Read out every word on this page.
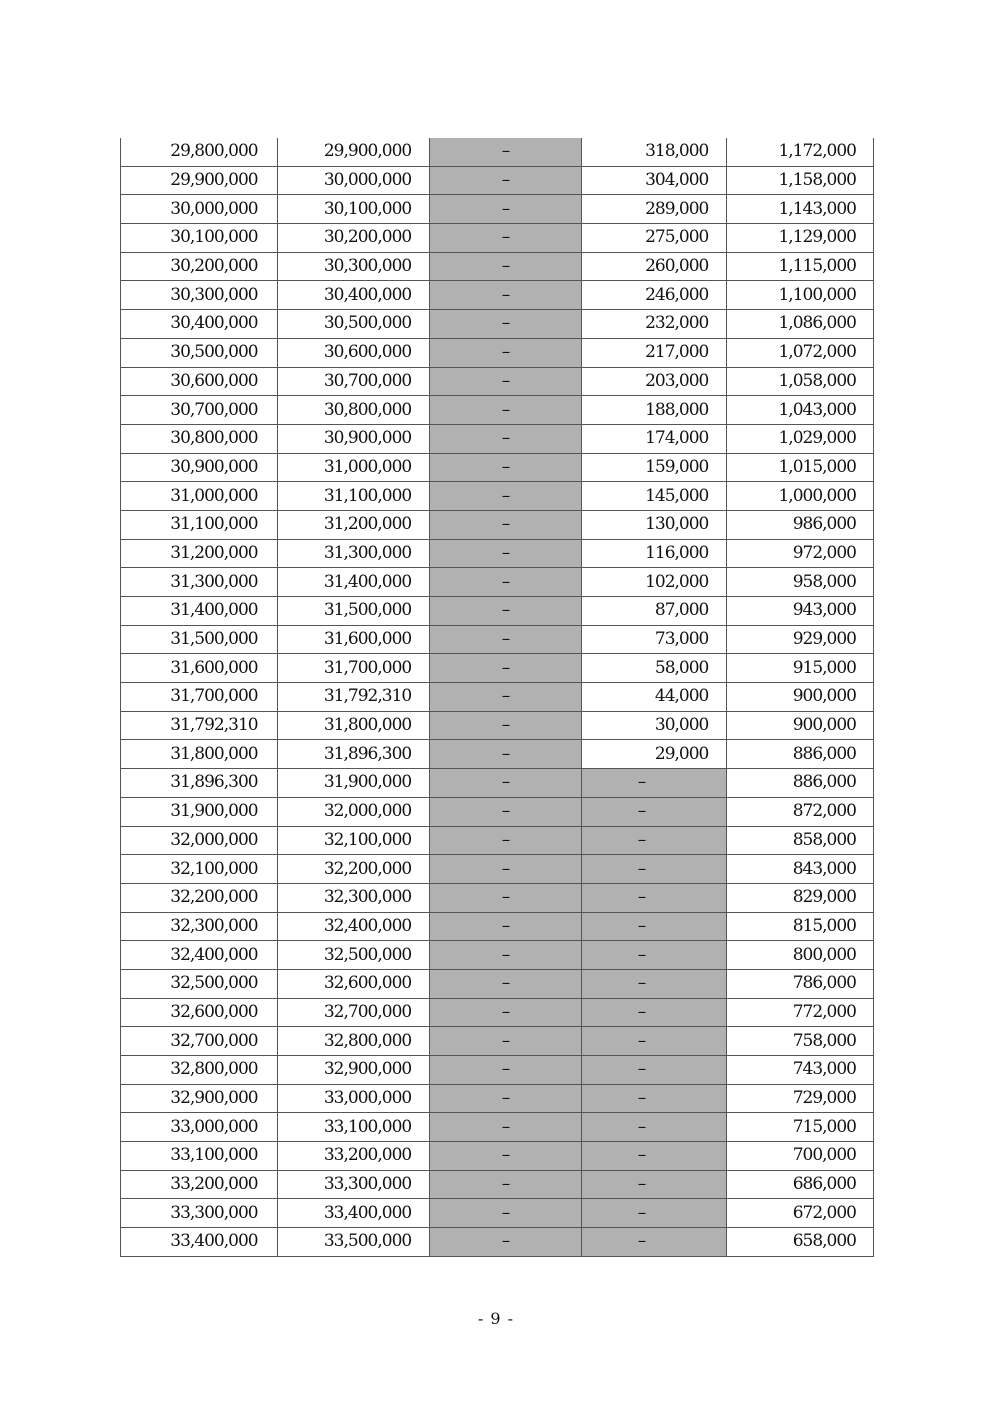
29,800,000	29,900,000	–	318,000	1,172,000
29,900,000	30,000,000	–	304,000	1,158,000
30,000,000	30,100,000	–	289,000	1,143,000
30,100,000	30,200,000	–	275,000	1,129,000
30,200,000	30,300,000	–	260,000	1,115,000
30,300,000	30,400,000	–	246,000	1,100,000
30,400,000	30,500,000	–	232,000	1,086,000
30,500,000	30,600,000	–	217,000	1,072,000
30,600,000	30,700,000	–	203,000	1,058,000
30,700,000	30,800,000	–	188,000	1,043,000
30,800,000	30,900,000	–	174,000	1,029,000
30,900,000	31,000,000	–	159,000	1,015,000
31,000,000	31,100,000	–	145,000	1,000,000
31,100,000	31,200,000	–	130,000	986,000
31,200,000	31,300,000	–	116,000	972,000
31,300,000	31,400,000	–	102,000	958,000
31,400,000	31,500,000	–	87,000	943,000
31,500,000	31,600,000	–	73,000	929,000
31,600,000	31,700,000	–	58,000	915,000
31,700,000	31,792,310	–	44,000	900,000
31,792,310	31,800,000	–	30,000	900,000
31,800,000	31,896,300	–	29,000	886,000
31,896,300	31,900,000	–	–	886,000
31,900,000	32,000,000	–	–	872,000
32,000,000	32,100,000	–	–	858,000
32,100,000	32,200,000	–	–	843,000
32,200,000	32,300,000	–	–	829,000
32,300,000	32,400,000	–	–	815,000
32,400,000	32,500,000	–	–	800,000
32,500,000	32,600,000	–	–	786,000
32,600,000	32,700,000	–	–	772,000
32,700,000	32,800,000	–	–	758,000
32,800,000	32,900,000	–	–	743,000
32,900,000	33,000,000	–	–	729,000
33,000,000	33,100,000	–	–	715,000
33,100,000	33,200,000	–	–	700,000
33,200,000	33,300,000	–	–	686,000
33,300,000	33,400,000	–	–	672,000
33,400,000	33,500,000	–	–	658,000
- 9 -
